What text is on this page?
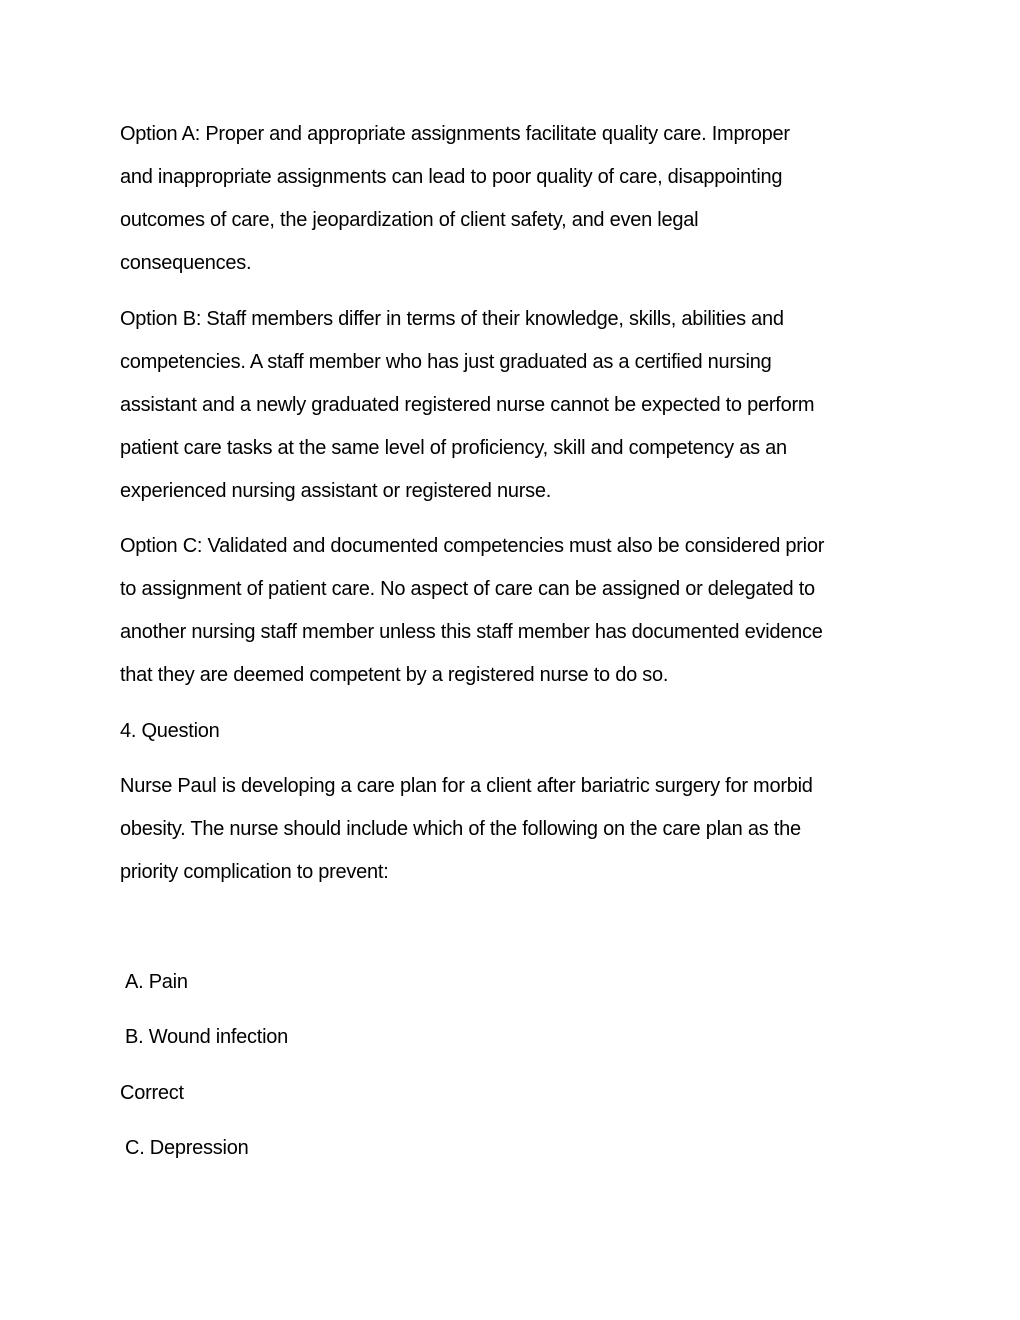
Option A: Proper and appropriate assignments facilitate quality care. Improper
and inappropriate assignments can lead to poor quality of care, disappointing
outcomes of care, the jeopardization of client safety, and even legal
consequences.

Option B: Staff members differ in terms of their knowledge, skills, abilities and
competencies. A staff member who has just graduated as a certified nursing
assistant and a newly graduated registered nurse cannot be expected to perform
patient care tasks at the same level of proficiency, skill and competency as an
experienced nursing assistant or registered nurse.

Option C: Validated and documented competencies must also be considered prior
to assignment of patient care. No aspect of care can be assigned or delegated to
another nursing staff member unless this staff member has documented evidence
that they are deemed competent by a registered nurse to do so.

4. Question

Nurse Paul is developing a care plan for a client after bariatric surgery for morbid
obesity. The nurse should include which of the following on the care plan as the
priority complication to prevent:

A. Pain

B. Wound infection

Correct

C. Depression
